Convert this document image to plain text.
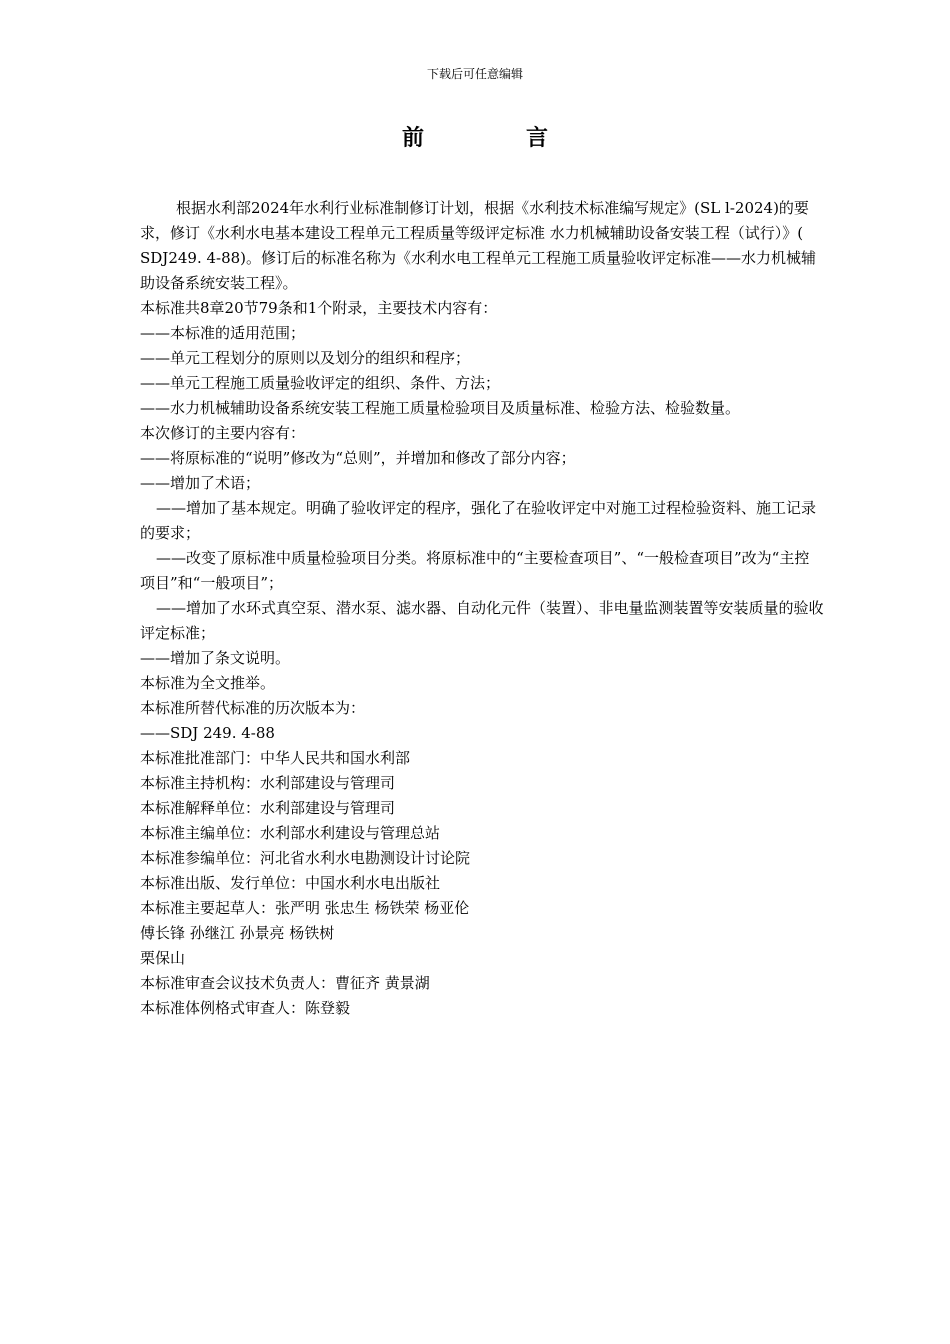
下载后可任意编辑
前　言

根据水利部2024年水利行业标准制修订计划，根据《水利技术标准编写规定》(SL l-2024)的要求，修订《水利水电基本建设工程单元工程质量等级评定标准 水力机械辅助设备安装工程（试行）》( SDJ249. 4-88)。修订后的标准名称为《水利水电工程单元工程施工质量验收评定标准——水力机械辅助设备系统安装工程》。

本标准共8章20节79条和1个附录，主要技术内容有：

——本标准的适用范围；

——单元工程划分的原则以及划分的组织和程序；

——单元工程施工质量验收评定的组织、条件、方法；

——水力机械辅助设备系统安装工程施工质量检验项目及质量标准、检验方法、检验数量。

本次修订的主要内容有：

——将原标准的“说明”修改为“总则”，并增加和修改了部分内容；

——增加了术语；

——增加了基本规定。明确了验收评定的程序，强化了在验收评定中对施工过程检验资料、施工记录的要求；

——改变了原标准中质量检验项目分类。将原标准中的“主要检查项目”、“一般检查项目”改为“主控项目”和“一般项目”；

——增加了水环式真空泵、潜水泵、滤水器、自动化元件（装置）、非电量监测装置等安装质量的验收评定标准；

——增加了条文说明。

本标准为全文推举。

本标准所替代标准的历次版本为：

——SDJ 249. 4-88

本标准批准部门：中华人民共和国水利部

本标准主持机构：水利部建设与管理司

本标准解释单位：水利部建设与管理司

本标准主编单位：水利部水利建设与管理总站

本标准参编单位：河北省水利水电勘测设计讨论院

本标准出版、发行单位：中国水利水电出版社

本标准主要起草人：张严明 张忠生 杨铁荣 杨亚伦

傅长锋 孙继江 孙景亮 杨铁树

栗保山

本标准审查会议技术负责人：曹征齐 黄景湖

本标准体例格式审查人：陈登毅
